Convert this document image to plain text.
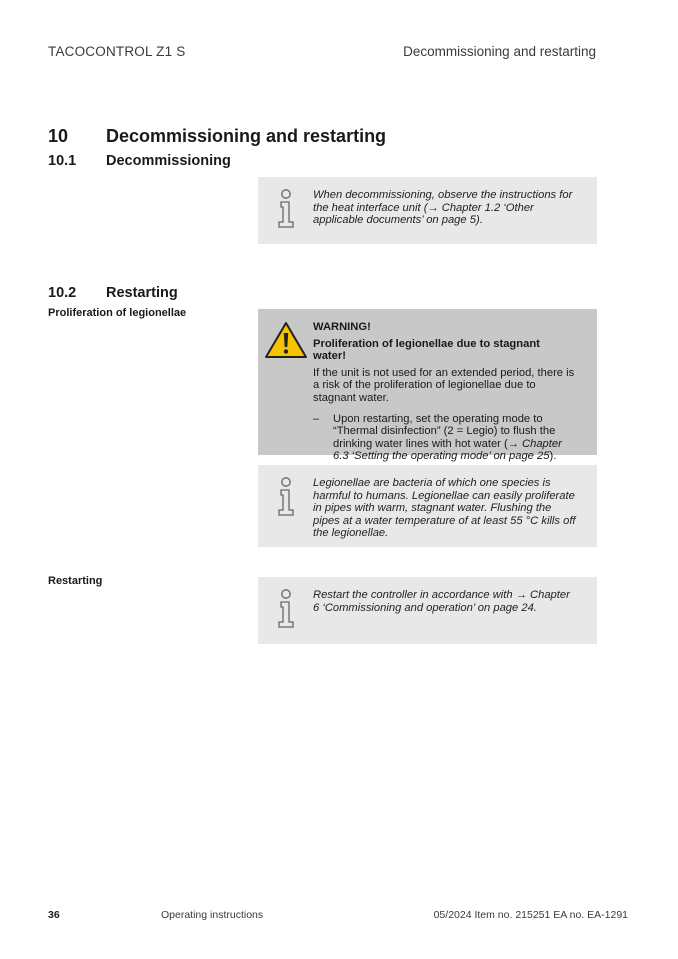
TACOCONTROL Z1 S	Decommissioning and restarting
10 Decommissioning and restarting
10.1 Decommissioning
When decommissioning, observe the instructions for the heat interface unit (→ Chapter 1.2 ‘Other applicable documents’ on page 5).
10.2 Restarting
Proliferation of legionellae
WARNING!
Proliferation of legionellae due to stagnant water!
If the unit is not used for an extended period, there is a risk of the proliferation of legionellae due to stagnant water.
– Upon restarting, set the operating mode to “Thermal disinfection” (2 = Legio) to flush the drinking water lines with hot water (→ Chapter 6.3 ‘Setting the operating mode’ on page 25).
Legionellae are bacteria of which one species is harmful to humans. Legionellae can easily proliferate in pipes with warm, stagnant water. Flushing the pipes at a water temperature of at least 55 °C kills off the legionellae.
Restarting
Restart the controller in accordance with → Chapter 6 ‘Commissioning and operation’ on page 24.
36	Operating instructions	05/2024 Item no. 215251 EA no. EA-1291
